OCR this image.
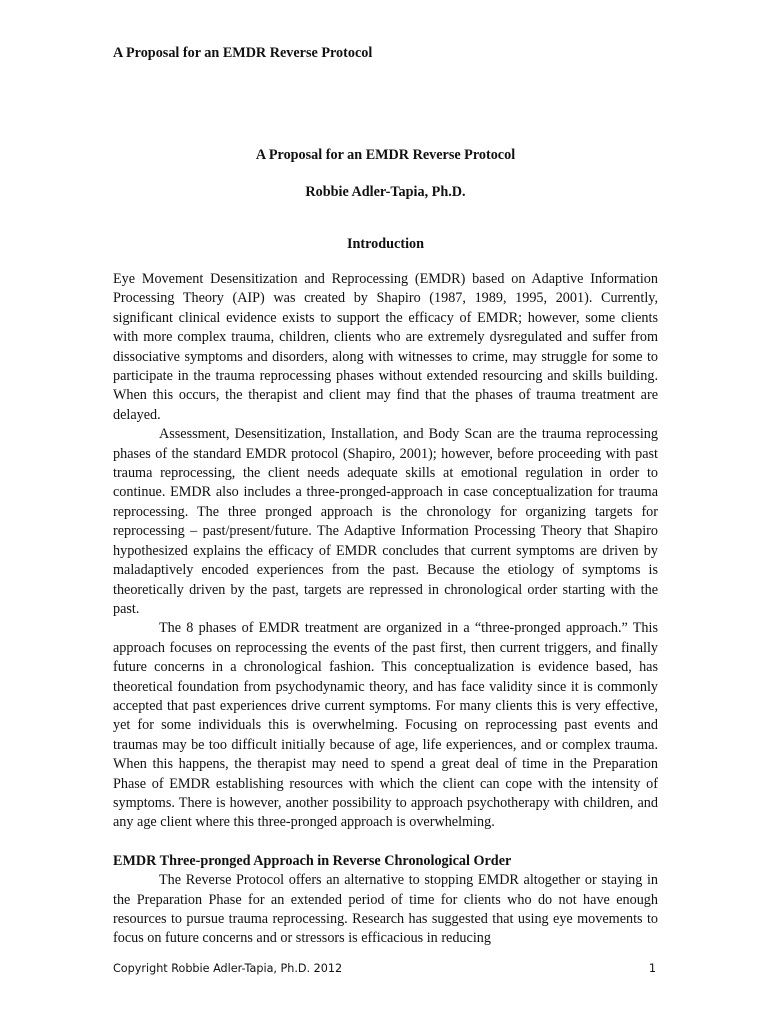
A Proposal for an EMDR Reverse Protocol
A Proposal for an EMDR Reverse Protocol
Robbie Adler-Tapia, Ph.D.
Introduction

Eye Movement Desensitization and Reprocessing (EMDR) based on Adaptive Information Processing Theory (AIP) was created by Shapiro (1987, 1989, 1995, 2001). Currently, significant clinical evidence exists to support the efficacy of EMDR; however, some clients with more complex trauma, children, clients who are extremely dysregulated and suffer from dissociative symptoms and disorders, along with witnesses to crime, may struggle for some to participate in the trauma reprocessing phases without extended resourcing and skills building. When this occurs, the therapist and client may find that the phases of trauma treatment are delayed.

Assessment, Desensitization, Installation, and Body Scan are the trauma reprocessing phases of the standard EMDR protocol (Shapiro, 2001); however, before proceeding with past trauma reprocessing, the client needs adequate skills at emotional regulation in order to continue. EMDR also includes a three-pronged-approach in case conceptualization for trauma reprocessing. The three pronged approach is the chronology for organizing targets for reprocessing – past/present/future. The Adaptive Information Processing Theory that Shapiro hypothesized explains the efficacy of EMDR concludes that current symptoms are driven by maladaptively encoded experiences from the past. Because the etiology of symptoms is theoretically driven by the past, targets are repressed in chronological order starting with the past.

The 8 phases of EMDR treatment are organized in a “three-pronged approach.” This approach focuses on reprocessing the events of the past first, then current triggers, and finally future concerns in a chronological fashion. This conceptualization is evidence based, has theoretical foundation from psychodynamic theory, and has face validity since it is commonly accepted that past experiences drive current symptoms. For many clients this is very effective, yet for some individuals this is overwhelming. Focusing on reprocessing past events and traumas may be too difficult initially because of age, life experiences, and or complex trauma. When this happens, the therapist may need to spend a great deal of time in the Preparation Phase of EMDR establishing resources with which the client can cope with the intensity of symptoms. There is however, another possibility to approach psychotherapy with children, and any age client where this three-pronged approach is overwhelming.

EMDR Three-pronged Approach in Reverse Chronological Order

The Reverse Protocol offers an alternative to stopping EMDR altogether or staying in the Preparation Phase for an extended period of time for clients who do not have enough resources to pursue trauma reprocessing. Research has suggested that using eye movements to focus on future concerns and or stressors is efficacious in reducing

Copyright Robbie Adler-Tapia, Ph.D. 2012	1
